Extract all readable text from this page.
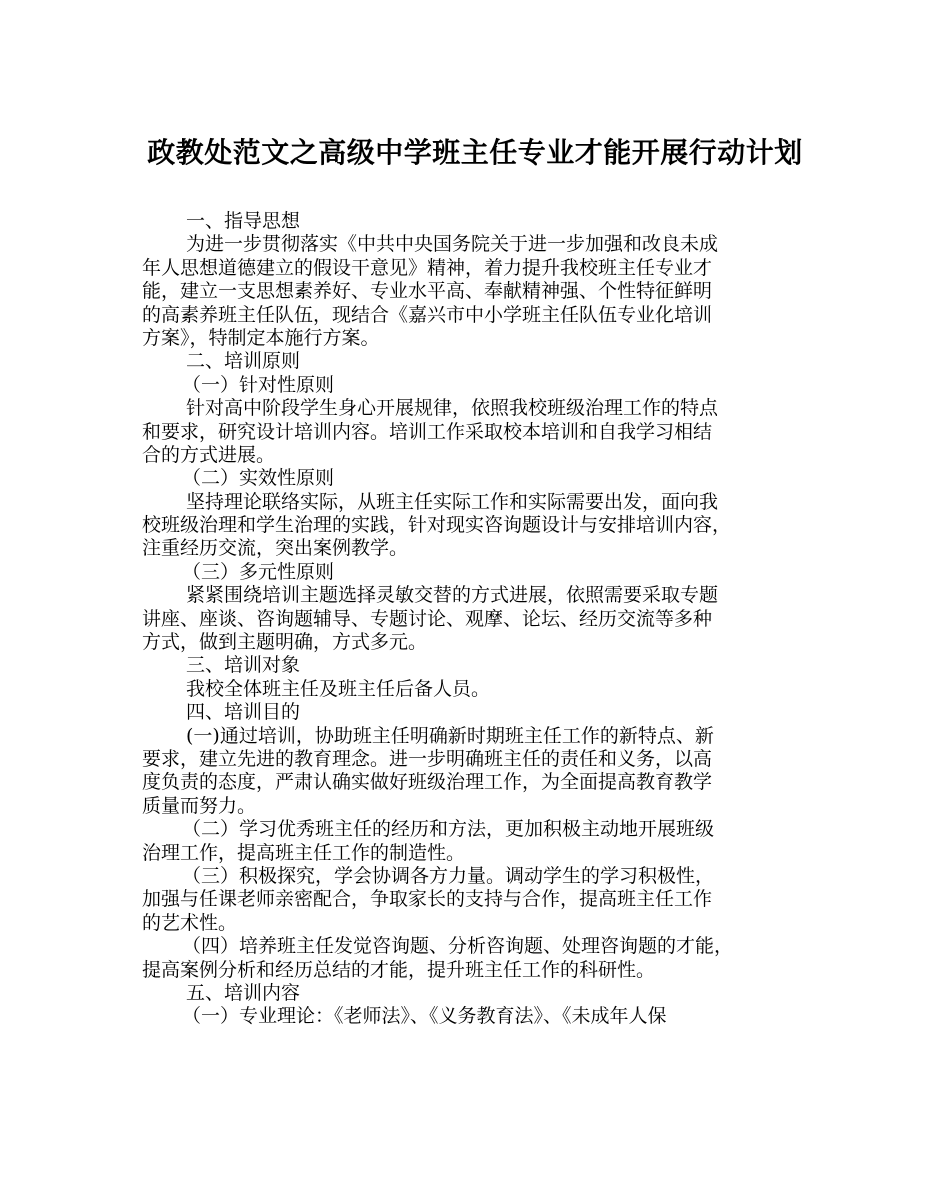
政教处范文之高级中学班主任专业才能开展行动计划
一、指导思想
为进一步贯彻落实《中共中央国务院关于进一步加强和改良未成
年人思想道德建立的假设干意见》精神，着力提升我校班主任专业才
能，建立一支思想素养好、专业水平高、奉献精神强、个性特征鲜明
的高素养班主任队伍，现结合《嘉兴市中小学班主任队伍专业化培训
方案》，特制定本施行方案。
二、培训原则
（一）针对性原则
针对高中阶段学生身心开展规律，依照我校班级治理工作的特点
和要求，研究设计培训内容。培训工作采取校本培训和自我学习相结
合的方式进展。
（二）实效性原则
坚持理论联络实际，从班主任实际工作和实际需要出发，面向我
校班级治理和学生治理的实践，针对现实咨询题设计与安排培训内容，
注重经历交流，突出案例教学。
（三）多元性原则
紧紧围绕培训主题选择灵敏交替的方式进展，依照需要采取专题
讲座、座谈、咨询题辅导、专题讨论、观摩、论坛、经历交流等多种
方式，做到主题明确，方式多元。
三、培训对象
我校全体班主任及班主任后备人员。
四、培训目的
(一)通过培训，协助班主任明确新时期班主任工作的新特点、新
要求，建立先进的教育理念。进一步明确班主任的责任和义务，以高
度负责的态度，严肃认确实做好班级治理工作，为全面提高教育教学
质量而努力。
（二）学习优秀班主任的经历和方法，更加积极主动地开展班级
治理工作，提高班主任工作的制造性。
（三）积极探究，学会协调各方力量。调动学生的学习积极性，
加强与任课老师亲密配合，争取家长的支持与合作，提高班主任工作
的艺术性。
（四）培养班主任发觉咨询题、分析咨询题、处理咨询题的才能，
提高案例分析和经历总结的才能，提升班主任工作的科研性。
五、培训内容
（一）专业理论：《老师法》、《义务教育法》、《未成年人保
